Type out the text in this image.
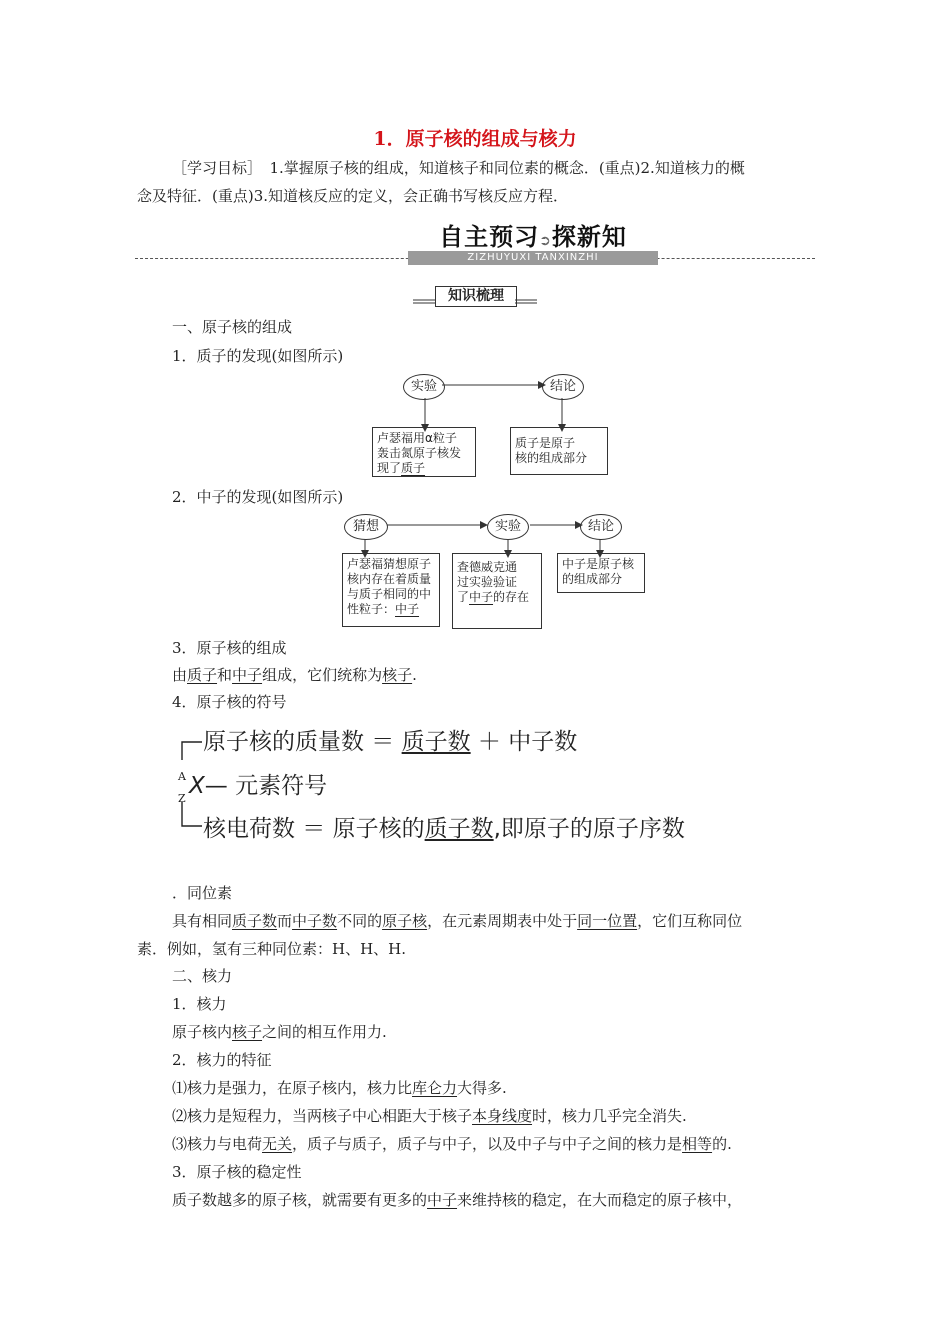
1．原子核的组成与核力
［学习目标］　1.掌握原子核的组成，知道核子和同位素的概念．(重点)2.知道核力的概
念及特征．(重点)3.知道核反应的定义，会正确书写核反应方程．
自主预习➲探新知
ZIZHUYUXI TANXINZHI
知识梳理
一、原子核的组成
1．质子的发现(如图所示)
实验	结论
卢瑟福用α粒子
轰击氮原子核发
现了质子
质子是原子
核的组成部分
2．中子的发现(如图所示)
猜想	实验	结论
卢瑟福猜想原子
核内存在着质量
与质子相同的中
性粒子：中子
查德威克通
过实验验证
了中子的存在
中子是原子核
的组成部分
3．原子核的组成
由质子和中子组成，它们统称为核子.
4．原子核的符号
原子核的质量数 ＝ 质子数 ＋ 中子数
A
Z X— 元素符号
核电荷数 ＝ 原子核的质子数,即原子的原子序数
．同位素
具有相同质子数而中子数不同的原子核，在元素周期表中处于同一位置，它们互称同位
素．例如，氢有三种同位素：H、H、H.
二、核力
1．核力
原子核内核子之间的相互作用力.
2．核力的特征
⑴核力是强力，在原子核内，核力比库仑力大得多.
⑵核力是短程力，当两核子中心相距大于核子本身线度时，核力几乎完全消失.
⑶核力与电荷无关，质子与质子，质子与中子，以及中子与中子之间的核力是相等的.
3．原子核的稳定性
质子数越多的原子核，就需要有更多的中子来维持核的稳定，在大而稳定的原子核中，
